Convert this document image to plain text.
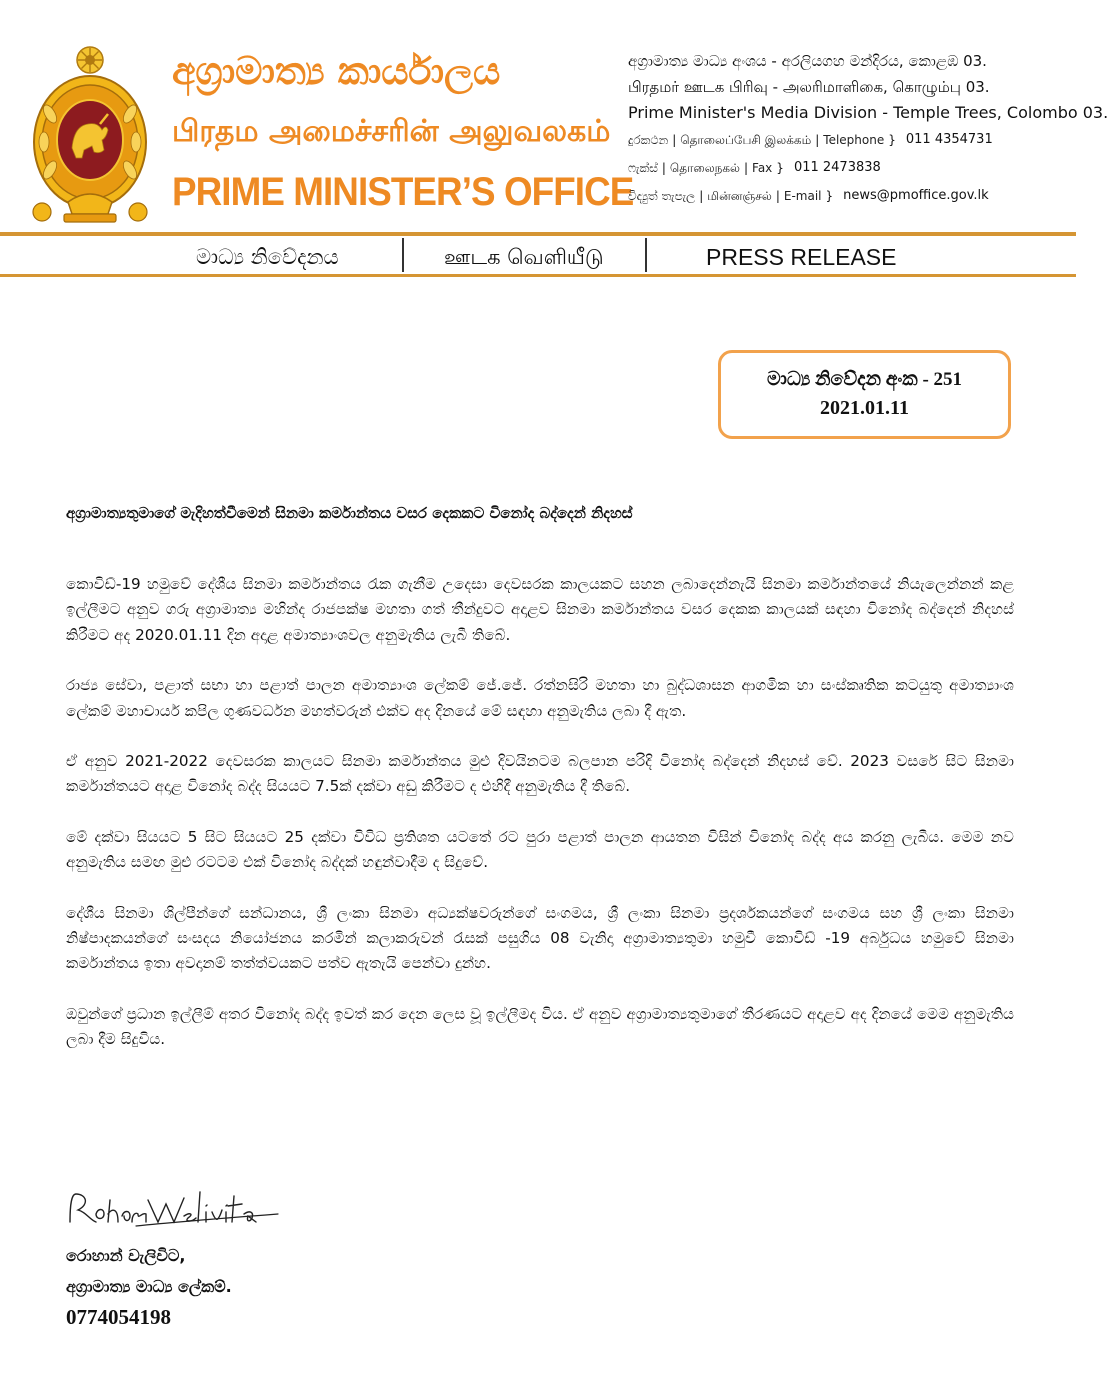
අග්‍රාමාත්‍ය කාර්යාලය
பிரதம அமைச்சரின் அலுவலகம்
PRIME MINISTER’S OFFICE
අග්‍රාමාත්‍ය මාධ්‍ය අංශය - අරලියගහ මන්දිරය, කොළඹ 03.
பிரதமர் ஊடக பிரிவு - அலரிமாளிகை, கொழும்பு 03.
Prime Minister's Media Division - Temple Trees, Colombo 03.
දුරකථන | தொலைப்பேசி இலக்கம் | Telephone } 011 4354731
ෆැක්ස් | தொலைநகல் | Fax } 011 2473838
විද්‍යුත් තැපැල | மின்னஞ்சல் | E-mail } news@pmoffice.gov.lk
මාධ්‍ය නිවේදනය	ஊடக வெளியீடு	PRESS RELEASE
මාධ්‍ය නිවේදන අංක - 251
2021.01.11
අග්‍රාමාත්‍යතුමාගේ මැදිහත්වීමෙන් සිනමා කර්මාන්තය වසර දෙකකට විනෝද බද්දෙන් නිදහස්

කොවිඩ්-19 හමුවේ දේශීය සිනමා කර්මාන්තය රැක ගැනීම උදෙසා දෙවසරක කාලයකට සහන ලබාදෙන්නැයි සිනමා කර්මාන්තයේ නියැලෙන්නන් කළ ඉල්ලීමට අනුව ගරු අග්‍රාමාත්‍ය මහින්ද රාජපක්ෂ මහතා ගත් තීන්දුවට අදාළව සිනමා කර්මාන්තය වසර දෙකක කාලයක් සඳහා විනෝද බද්දෙන් නිදහස් කිරීමට අද 2020.01.11 දින අදාළ අමාත්‍යාංශවල අනුමැතිය ලැබී තිබේ.

රාජ්‍ය සේවා, පළාත් සභා හා පළාත් පාලන අමාත්‍යාංශ ලේකම් ජේ.ජේ. රත්නසිරි මහතා හා බුද්ධශාසන ආගමික හා සංස්කෘතික කටයුතු අමාත්‍යාංශ ලේකම් මහාචාර්ය කපිල ගුණවර්ධන මහත්වරුන් එක්ව අද දිනයේ මේ සඳහා අනුමැතිය ලබා දී ඇත.

ඒ අනුව 2021-2022 දෙවසරක කාලයට සිනමා කර්මාන්තය මුළු දිවයිනටම බලපාන පරිදි විනෝද බද්දෙන් නිදහස් වේ. 2023 වසරේ සිට සිනමා කර්මාන්තයට අදාළ විනෝද බද්ද සියයට 7.5ක් දක්වා අඩු කිරීමට ද එහිදී අනුමැතිය දී තිබේ.

මේ දක්වා සියයට 5 සිට සියයට 25 දක්වා විවිධ ප්‍රතිශත යටතේ රට පුරා පළාත් පාලන ආයතන විසින් විනෝද බද්ද අය කරනු ලැබීය. මෙම නව අනුමැතිය සමඟ මුළු රටටම එක් විනෝද බද්දක් හඳුන්වාදීම ද සිදුවේ.

දේශීය සිනමා ශිල්පීන්ගේ සන්ධානය, ශ්‍රී ලංකා සිනමා අධ්‍යක්ෂවරුන්ගේ සංගමය, ශ්‍රී ලංකා සිනමා ප්‍රදර්ශකයන්ගේ සංගමය සහ ශ්‍රී ලංකා සිනමා නිෂ්පාදකයන්ගේ සංසදය නියෝජනය කරමින් කලාකරුවන් රැසක් පසුගිය 08 වැනිදා අග්‍රාමාත්‍යතුමා හමුවී කොවිඩ් -19 අර්බුධය හමුවේ සිනමා කර්මාන්තය ඉතා අවදානම් තත්ත්වයකට පත්ව ඇතැයි පෙන්වා දුන්හ.

ඔවුන්ගේ ප්‍රධාන ඉල්ලීම් අතර විනෝද බද්ද ඉවත් කර දෙන ලෙස වූ ඉල්ලීමද විය. ඒ අනුව අග්‍රාමාත්‍යතුමාගේ තීරණයට අදාළව අද දිනයේ මෙම අනුමැතිය ලබා දීම සිදුවිය.

රොහාන් වැලිවිට,
අග්‍රාමාත්‍ය මාධ්‍ය ලේකම්.
0774054198
